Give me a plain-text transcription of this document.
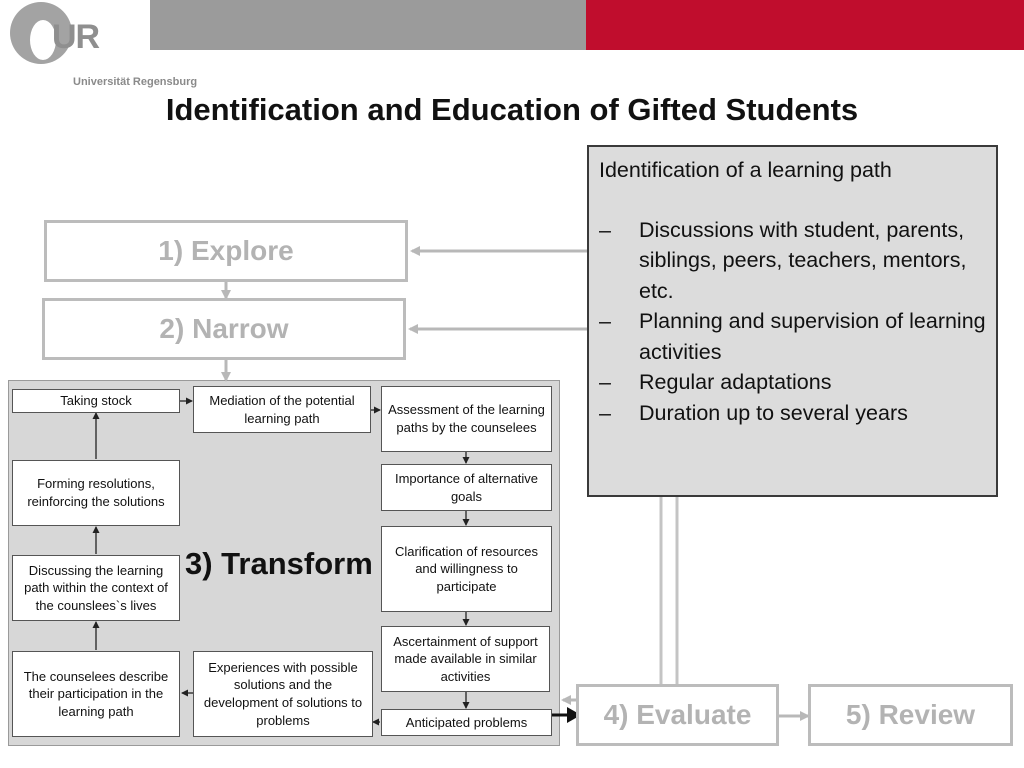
UR
Universität Regensburg
Identification and Education of Gifted Students
1) Explore
2) Narrow
4) Evaluate	5) Review
3) Transform
Taking stock	Mediation of the potential learning path
Assessment of the learning paths by the counselees
Importance of alternative goals
Clarification of resources and willingness to participate
Ascertainment of support made available in similar activities
Anticipated problems
Experiences with possible solutions and the development of solutions to problems
The counselees describe their participation in the learning path
Discussing the learning path within the context of the counslees`s lives
Forming resolutions, reinforcing the solutions
Identification of a learning path
– Discussions with student, parents, siblings, peers, teachers, mentors, etc.
– Planning and supervision of learning activities
– Regular adaptations
– Duration up to several years
